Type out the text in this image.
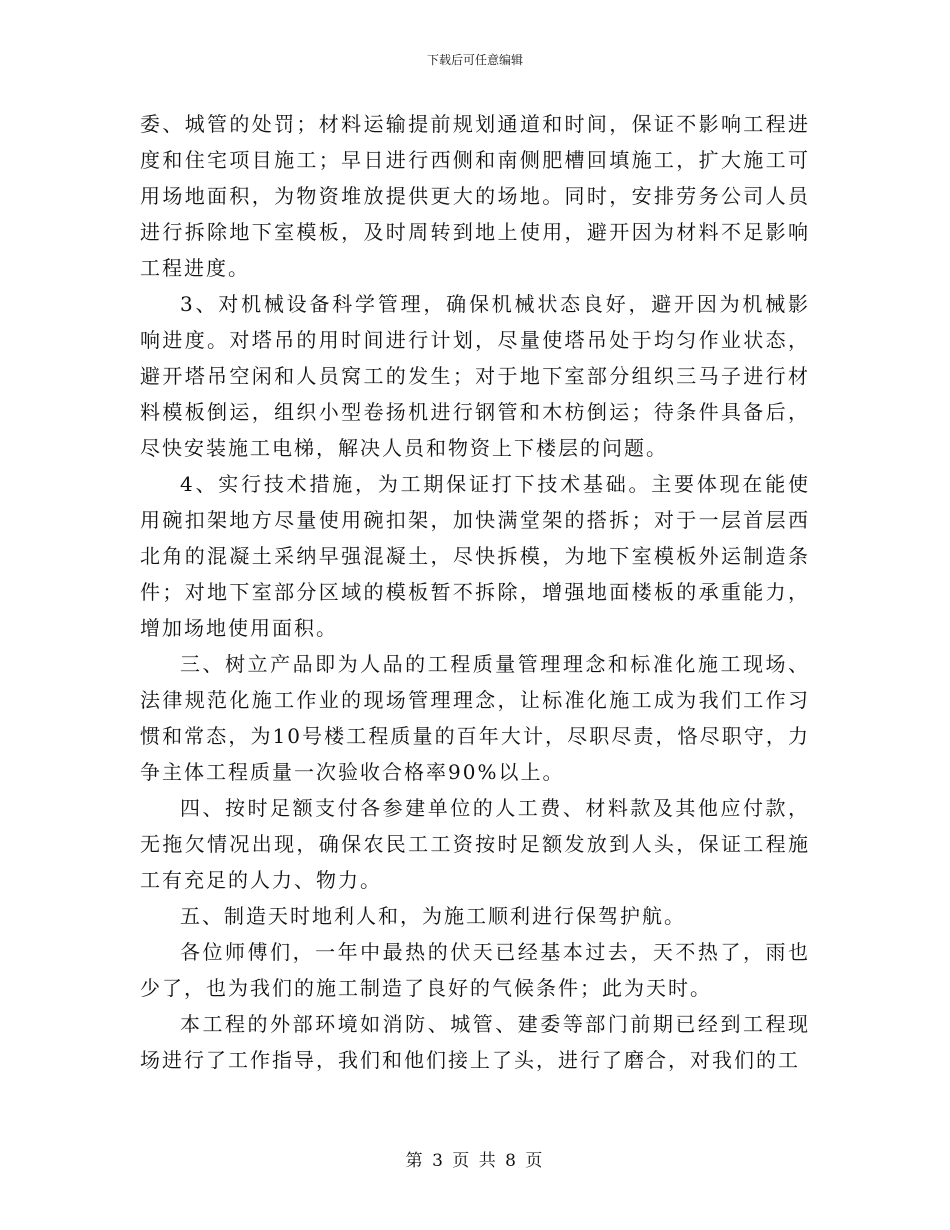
下载后可任意编辑

委、城管的处罚；材料运输提前规划通道和时间，保证不影响工程进度和住宅项目施工；早日进行西侧和南侧肥槽回填施工，扩大施工可用场地面积，为物资堆放提供更大的场地。同时，安排劳务公司人员进行拆除地下室模板，及时周转到地上使用，避开因为材料不足影响工程进度。

3、对机械设备科学管理，确保机械状态良好，避开因为机械影响进度。对塔吊的用时间进行计划，尽量使塔吊处于均匀作业状态，避开塔吊空闲和人员窝工的发生；对于地下室部分组织三马子进行材料模板倒运，组织小型卷扬机进行钢管和木枋倒运；待条件具备后，尽快安装施工电梯，解决人员和物资上下楼层的问题。

4、实行技术措施，为工期保证打下技术基础。主要体现在能使用碗扣架地方尽量使用碗扣架，加快满堂架的搭拆；对于一层首层西北角的混凝土采纳早强混凝土，尽快拆模，为地下室模板外运制造条件；对地下室部分区域的模板暂不拆除，增强地面楼板的承重能力，增加场地使用面积。

三、树立产品即为人品的工程质量管理理念和标准化施工现场、法律规范化施工作业的现场管理理念，让标准化施工成为我们工作习惯和常态，为10号楼工程质量的百年大计，尽职尽责，恪尽职守，力争主体工程质量一次验收合格率90%以上。

四、按时足额支付各参建单位的人工费、材料款及其他应付款，无拖欠情况出现，确保农民工工资按时足额发放到人头，保证工程施工有充足的人力、物力。

五、制造天时地利人和，为施工顺利进行保驾护航。

各位师傅们，一年中最热的伏天已经基本过去，天不热了，雨也少了，也为我们的施工制造了良好的气候条件；此为天时。

本工程的外部环境如消防、城管、建委等部门前期已经到工程现场进行了工作指导，我们和他们接上了头，进行了磨合，对我们的工

第 3 页 共 8 页
